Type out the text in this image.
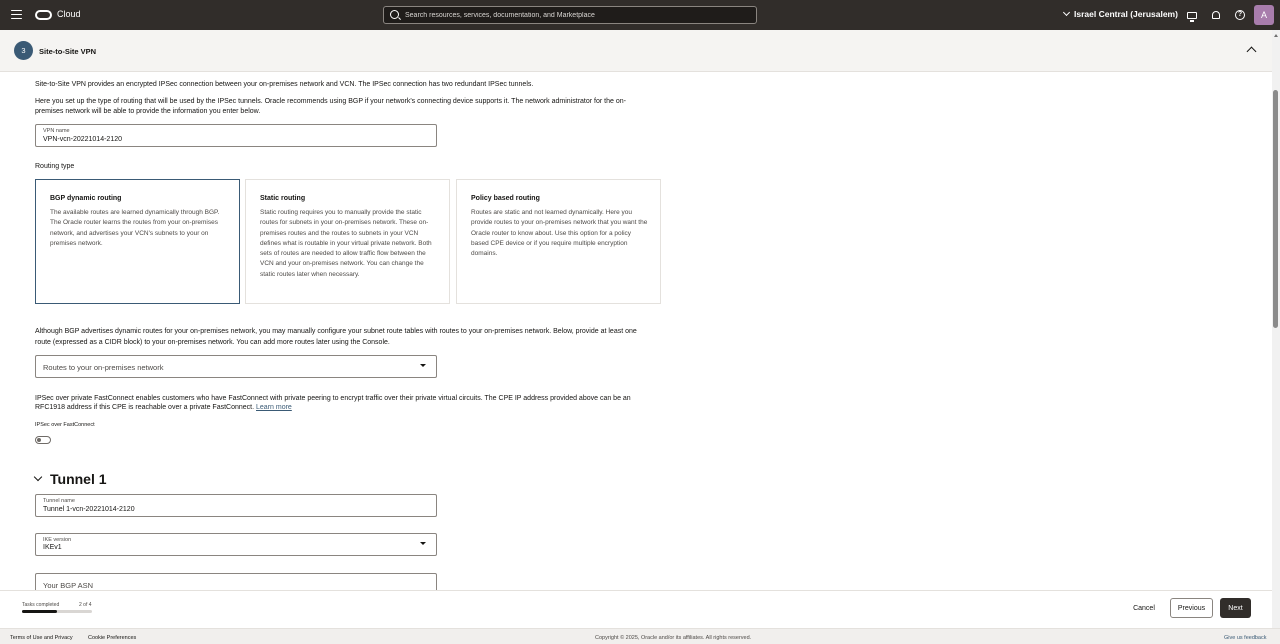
Cloud
Search resources, services, documentation, and Marketplace	Israel Central (Jerusalem)	?	A
3	Site-to-Site VPN
Site-to-Site VPN provides an encrypted IPSec connection between your on-premises network and VCN. The IPSec connection has two redundant IPSec tunnels.
Here you set up the type of routing that will be used by the IPSec tunnels. Oracle recommends using BGP if your network's connecting device supports it. The network administrator for the on-
premises network will be able to provide the information you enter below.
VPN name
VPN-vcn-20221014-2120
Routing type
BGP dynamic routing
The available routes are learned dynamically through BGP. The Oracle router learns the routes from your on-premises network, and advertises your VCN's subnets to your on premises network.
Static routing
Static routing requires you to manually provide the static routes for subnets in your on-premises network. These on-premises routes and the routes to subnets in your VCN defines what is routable in your virtual private network. Both sets of routes are needed to allow traffic flow between the VCN and your on-premises network. You can change the static routes later when necessary.
Policy based routing
Routes are static and not learned dynamically. Here you provide routes to your on-premises network that you want the Oracle router to know about. Use this option for a policy based CPE device or if you require multiple encryption domains.
Although BGP advertises dynamic routes for your on-premises network, you may manually configure your subnet route tables with routes to your on-premises network. Below, provide at least one
route (expressed as a CIDR block) to your on-premises network. You can add more routes later using the Console.
Routes to your on-premises network
IPSec over private FastConnect enables customers who have FastConnect with private peering to encrypt traffic over their private virtual circuits. The CPE IP address provided above can be an
RFC1918 address if this CPE is reachable over a private FastConnect. Learn more
IPSec over FastConnect
Tunnel 1
Tunnel name
Tunnel 1-vcn-20221014-2120
IKE version
IKEv1
Your BGP ASN
Tasks completed	2 of 4	Cancel	Previous	Next
Terms of Use and Privacy	Cookie Preferences	Copyright © 2025, Oracle and/or its affiliates. All rights reserved.	Give us feedback
